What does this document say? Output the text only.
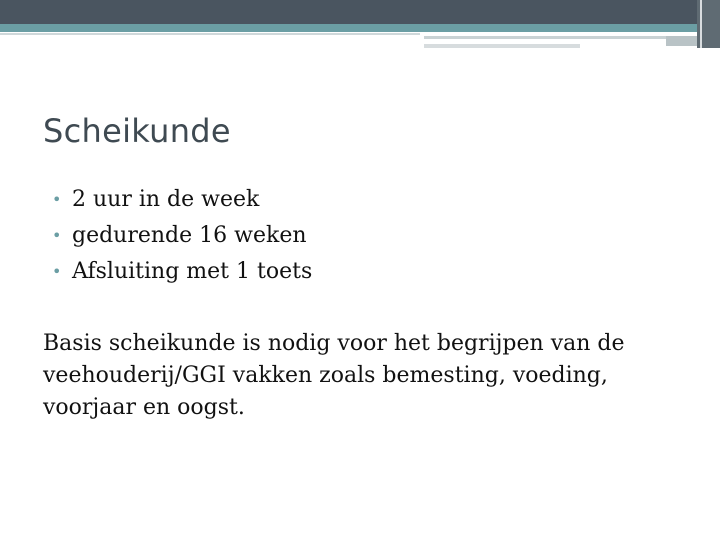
Scheikunde
• 2 uur in de week
• gedurende 16 weken
• Afsluiting met 1 toets

Basis scheikunde is nodig voor het begrijpen van de veehouderij/GGI vakken zoals bemesting, voeding, voorjaar en oogst.
